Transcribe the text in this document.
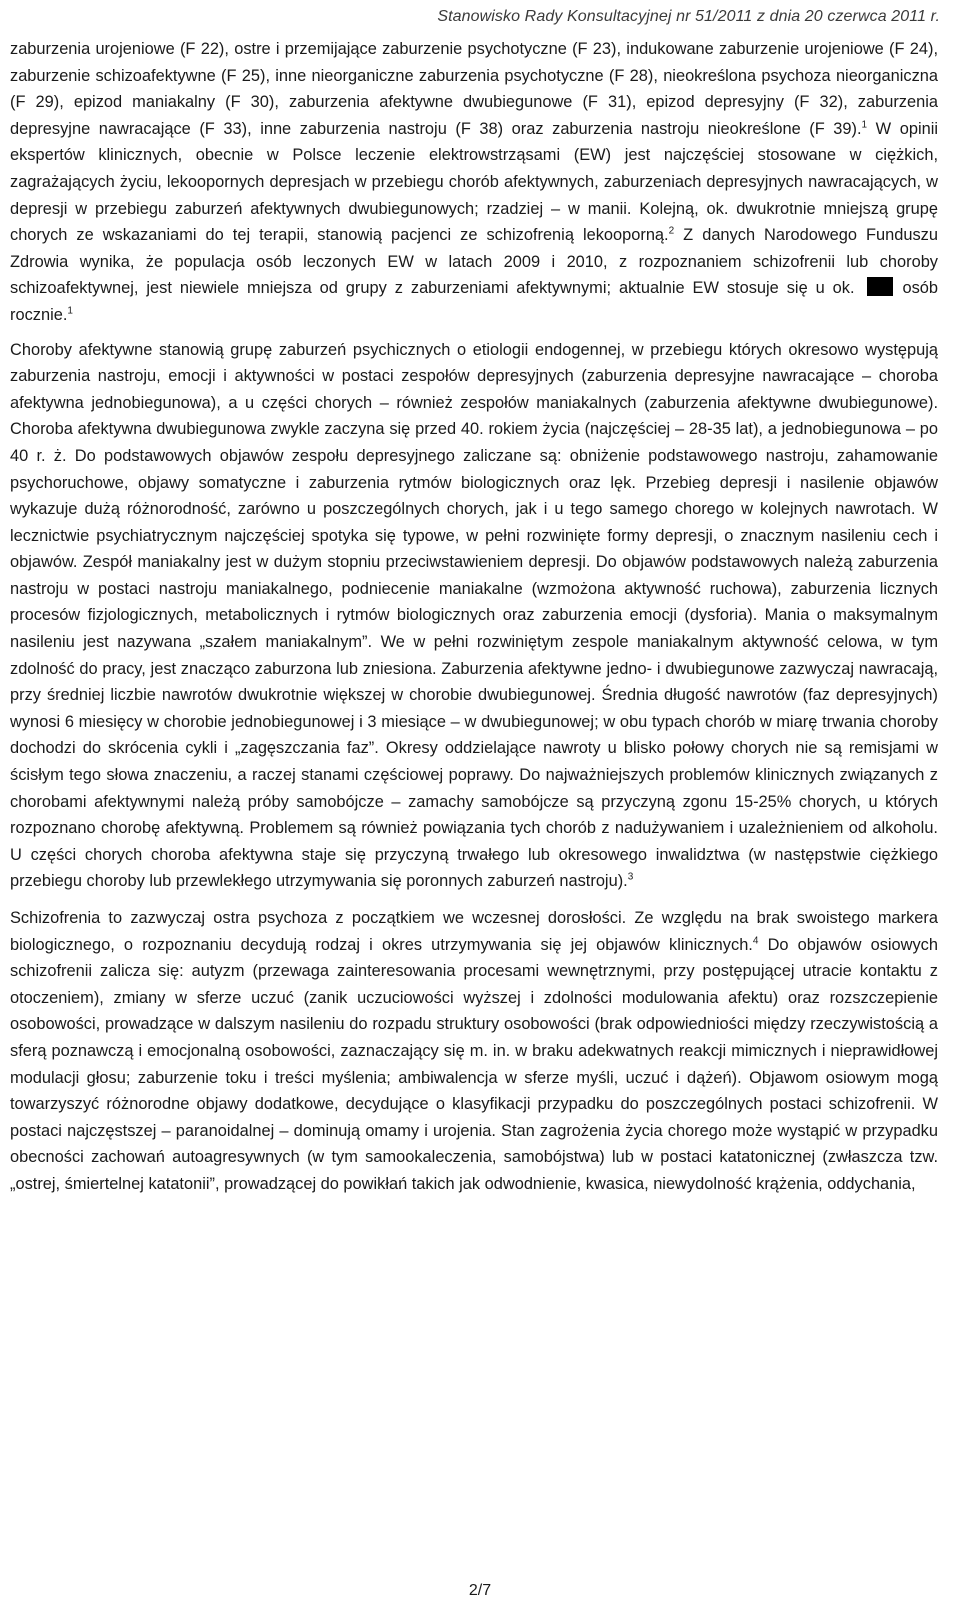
Stanowisko Rady Konsultacyjnej nr 51/2011 z dnia 20 czerwca 2011 r.

zaburzenia urojeniowe (F 22), ostre i przemijające zaburzenie psychotyczne (F 23), indukowane zaburzenie urojeniowe (F 24), zaburzenie schizoafektywne (F 25), inne nieorganiczne zaburzenia psychotyczne (F 28), nieokreślona psychoza nieorganiczna (F 29), epizod maniakalny (F 30), zaburzenia afektywne dwubiegunowe (F 31), epizod depresyjny (F 32), zaburzenia depresyjne nawracające (F 33), inne zaburzenia nastroju (F 38) oraz zaburzenia nastroju nieokreślone (F 39).$^1$ W opinii ekspertów klinicznych, obecnie w Polsce leczenie elektrowstrząsami (EW) jest najczęściej stosowane w ciężkich, zagrażających życiu, lekoopornych depresjach w przebiegu chorób afektywnych, zaburzeniach depresyjnych nawracających, w depresji w przebiegu zaburzeń afektywnych dwubiegunowych; rzadziej – w manii. Kolejną, ok. dwukrotnie mniejszą grupę chorych ze wskazaniami do tej terapii, stanowią pacjenci ze schizofrenią lekooporną.$^2$ Z danych Narodowego Funduszu Zdrowia wynika, że populacja osób leczonych EW w latach 2009 i 2010, z rozpoznaniem schizofrenii lub choroby schizoafektywnej, jest niewiele mniejsza od grupy z zaburzeniami afektywnymi; aktualnie EW stosuje się u ok.	osób rocznie.$^1$

Choroby afektywne stanowią grupę zaburzeń psychicznych o etiologii endogennej, w przebiegu których okresowo występują zaburzenia nastroju, emocji i aktywności w postaci zespołów depresyjnych (zaburzenia depresyjne nawracające – choroba afektywna jednobiegunowa), a u części chorych – również zespołów maniakalnych (zaburzenia afektywne dwubiegunowe). Choroba afektywna dwubiegunowa zwykle zaczyna się przed 40. rokiem życia (najczęściej – 28-35 lat), a jednobiegunowa – po 40 r. ż. Do podstawowych objawów zespołu depresyjnego zaliczane są: obniżenie podstawowego nastroju, zahamowanie psychoruchowe, objawy somatyczne i zaburzenia rytmów biologicznych oraz lęk. Przebieg depresji i nasilenie objawów wykazuje dużą różnorodność, zarówno u poszczególnych chorych, jak i u tego samego chorego w kolejnych nawrotach. W lecznictwie psychiatrycznym najczęściej spotyka się typowe, w pełni rozwinięte formy depresji, o znacznym nasileniu cech i objawów. Zespół maniakalny jest w dużym stopniu przeciwstawieniem depresji. Do objawów podstawowych należą zaburzenia nastroju w postaci nastroju maniakalnego, podniecenie maniakalne (wzmożona aktywność ruchowa), zaburzenia licznych procesów fizjologicznych, metabolicznych i rytmów biologicznych oraz zaburzenia emocji (dysforia). Mania o maksymalnym nasileniu jest nazywana „szałem maniakalnym”. We w pełni rozwiniętym zespole maniakalnym aktywność celowa, w tym zdolność do pracy, jest znacząco zaburzona lub zniesiona. Zaburzenia afektywne jedno- i dwubiegunowe zazwyczaj nawracają, przy średniej liczbie nawrotów dwukrotnie większej w chorobie dwubiegunowej. Średnia długość nawrotów (faz depresyjnych) wynosi 6 miesięcy w chorobie jednobiegunowej i 3 miesiące – w dwubiegunowej; w obu typach chorób w miarę trwania choroby dochodzi do skrócenia cykli i „zagęszczania faz”. Okresy oddzielające nawroty u blisko połowy chorych nie są remisjami w ścisłym tego słowa znaczeniu, a raczej stanami częściowej poprawy. Do najważniejszych problemów klinicznych związanych z chorobami afektywnymi należą próby samobójcze – zamachy samobójcze są przyczyną zgonu 15-25% chorych, u których rozpoznano chorobę afektywną. Problemem są również powiązania tych chorób z nadużywaniem i uzależnieniem od alkoholu. U części chorych choroba afektywna staje się przyczyną trwałego lub okresowego inwalidztwa (w następstwie ciężkiego przebiegu choroby lub przewlekłego utrzymywania się poronnych zaburzeń nastroju).$^3$

Schizofrenia to zazwyczaj ostra psychoza z początkiem we wczesnej dorosłości. Ze względu na brak swoistego markera biologicznego, o rozpoznaniu decydują rodzaj i okres utrzymywania się jej objawów klinicznych.$^4$ Do objawów osiowych schizofrenii zalicza się: autyzm (przewaga zainteresowania procesami wewnętrznymi, przy postępującej utracie kontaktu z otoczeniem), zmiany w sferze uczuć (zanik uczuciowości wyższej i zdolności modulowania afektu) oraz rozszczepienie osobowości, prowadzące w dalszym nasileniu do rozpadu struktury osobowości (brak odpowiedniości między rzeczywistością a sferą poznawczą i emocjonalną osobowości, zaznaczający się m. in. w braku adekwatnych reakcji mimicznych i nieprawidłowej modulacji głosu; zaburzenie toku i treści myślenia; ambiwalencja w sferze myśli, uczuć i dążeń). Objawom osiowym mogą towarzyszyć różnorodne objawy dodatkowe, decydujące o klasyfikacji przypadku do poszczególnych postaci schizofrenii. W postaci najczęstszej – paranoidalnej – dominują omamy i urojenia. Stan zagrożenia życia chorego może wystąpić w przypadku obecności zachowań autoagresywnych (w tym samookaleczenia, samobójstwa) lub w postaci katatonicznej (zwłaszcza tzw. „ostrej, śmiertelnej katatonii”, prowadzącej do powikłań takich jak odwodnienie, kwasica, niewydolność krążenia, oddychania,

2/7
